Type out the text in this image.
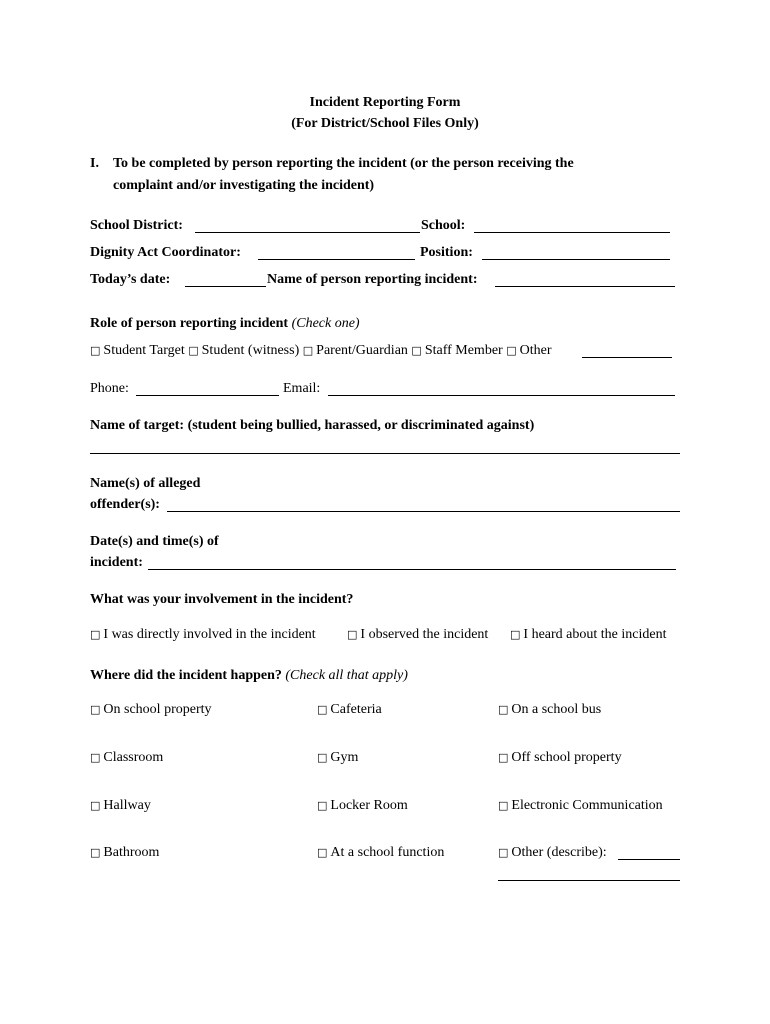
Incident Reporting Form
(For District/School Files Only)
I. To be completed by person reporting the incident (or the person receiving the
complaint and/or investigating the incident)
School District:	School:
Dignity Act Coordinator:	Position:
Today’s date:	Name of person reporting incident:
Role of person reporting incident (Check one)
□ Student Target □ Student (witness) □ Parent/Guardian □ Staff Member □ Other
Phone:	Email:
Name of target: (student being bullied, harassed, or discriminated against)
Name(s) of alleged
offender(s):
Date(s) and time(s) of
incident:
What was your involvement in the incident?
□ I was directly involved in the incident	□ I observed the incident □ I heard about the incident
Where did the incident happen? (Check all that apply)
□ On school property	□ Cafeteria	□ On a school bus
□ Classroom	□ Gym	□ Off school property
□ Hallway	□ Locker Room	□ Electronic Communication
□ Bathroom	□ At a school function	□ Other (describe):
